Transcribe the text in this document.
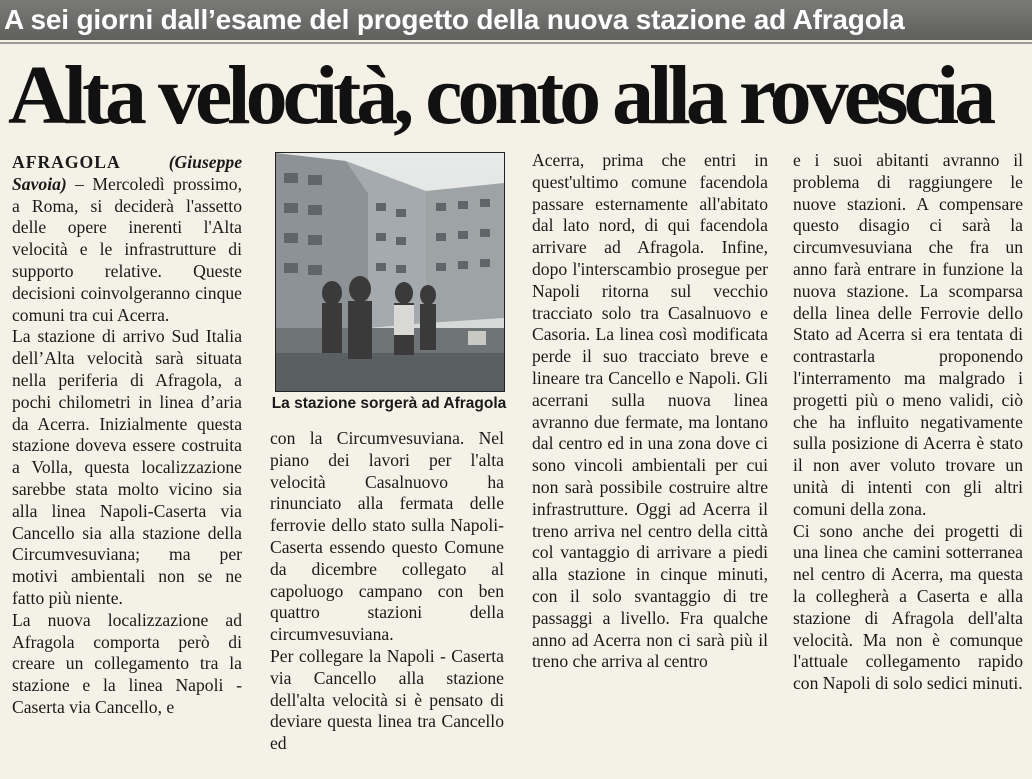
A sei giorni dall’esame del progetto della nuova stazione ad Afragola
Alta velocità, conto alla rovescia

AFRAGOLA	(Giuseppe Savoia) – Mercoledì prossimo, a Roma, si deciderà l'assetto delle opere inerenti l'Alta velocità e le infrastrutture di supporto relative. Queste decisioni coinvolgeranno cinque comuni tra cui Acerra.

La stazione di arrivo Sud Italia dell’Alta velocità sarà situata nella periferia di Afragola, a pochi chilometri in linea d’aria da Acerra. Inizialmente questa stazione doveva essere costruita a Volla, questa localizzazione sarebbe stata molto vicino sia alla linea Napoli-Caserta via Cancello sia alla stazione della Circumvesuviana; ma per motivi ambientali non se ne fatto più niente.

La nuova localizzazione ad Afragola comporta però di creare un collegamento tra la stazione e la linea Napoli - Caserta via Cancello, e

La stazione sorgerà ad Afragola

con la Circumvesuviana. Nel piano dei lavori per l'alta velocità Casalnuovo ha rinunciato alla fermata delle ferrovie dello stato sulla Napoli-Caserta essendo questo Comune da dicembre collegato al capoluogo campano con ben quattro stazioni della circumvesuviana.

Per collegare la Napoli - Caserta via Cancello alla stazione dell'alta velocità si è pensato di deviare questa linea tra Cancello ed

Acerra, prima che entri in quest'ultimo comune facendola passare esternamente all'abitato dal lato nord, di qui facendola arrivare ad Afragola. Infine, dopo l'interscambio prosegue per Napoli ritorna sul vecchio tracciato solo tra Casalnuovo e Casoria. La linea così modificata perde il suo tracciato breve e lineare tra Cancello e Napoli. Gli acerrani sulla nuova linea avranno due fermate, ma lontano dal centro ed in una zona dove ci sono vincoli ambientali per cui non sarà possibile costruire altre infrastrutture. Oggi ad Acerra il treno arriva nel centro della città col vantaggio di arrivare a piedi alla stazione in cinque minuti, con il solo svantaggio di tre passaggi a livello. Fra qualche anno ad Acerra non ci sarà più il treno che arriva al centro

e i suoi abitanti avranno il problema di raggiungere le nuove stazioni. A compensare questo disagio ci sarà la circumvesuviana che fra un anno farà entrare in funzione la nuova stazione. La scomparsa della linea delle Ferrovie dello Stato ad Acerra si era tentata di contrastarla proponendo l'interramento ma malgrado i progetti più o meno validi, ciò che ha influito negativamente sulla posizione di Acerra è stato il non aver voluto trovare un unità di intenti con gli altri comuni della zona.

Ci sono anche dei progetti di una linea che camini sotterranea nel centro di Acerra, ma questa la collegherà a Caserta e alla stazione di Afragola dell'alta velocità. Ma non è comunque l'attuale collegamento rapido con Napoli di solo sedici minuti.
